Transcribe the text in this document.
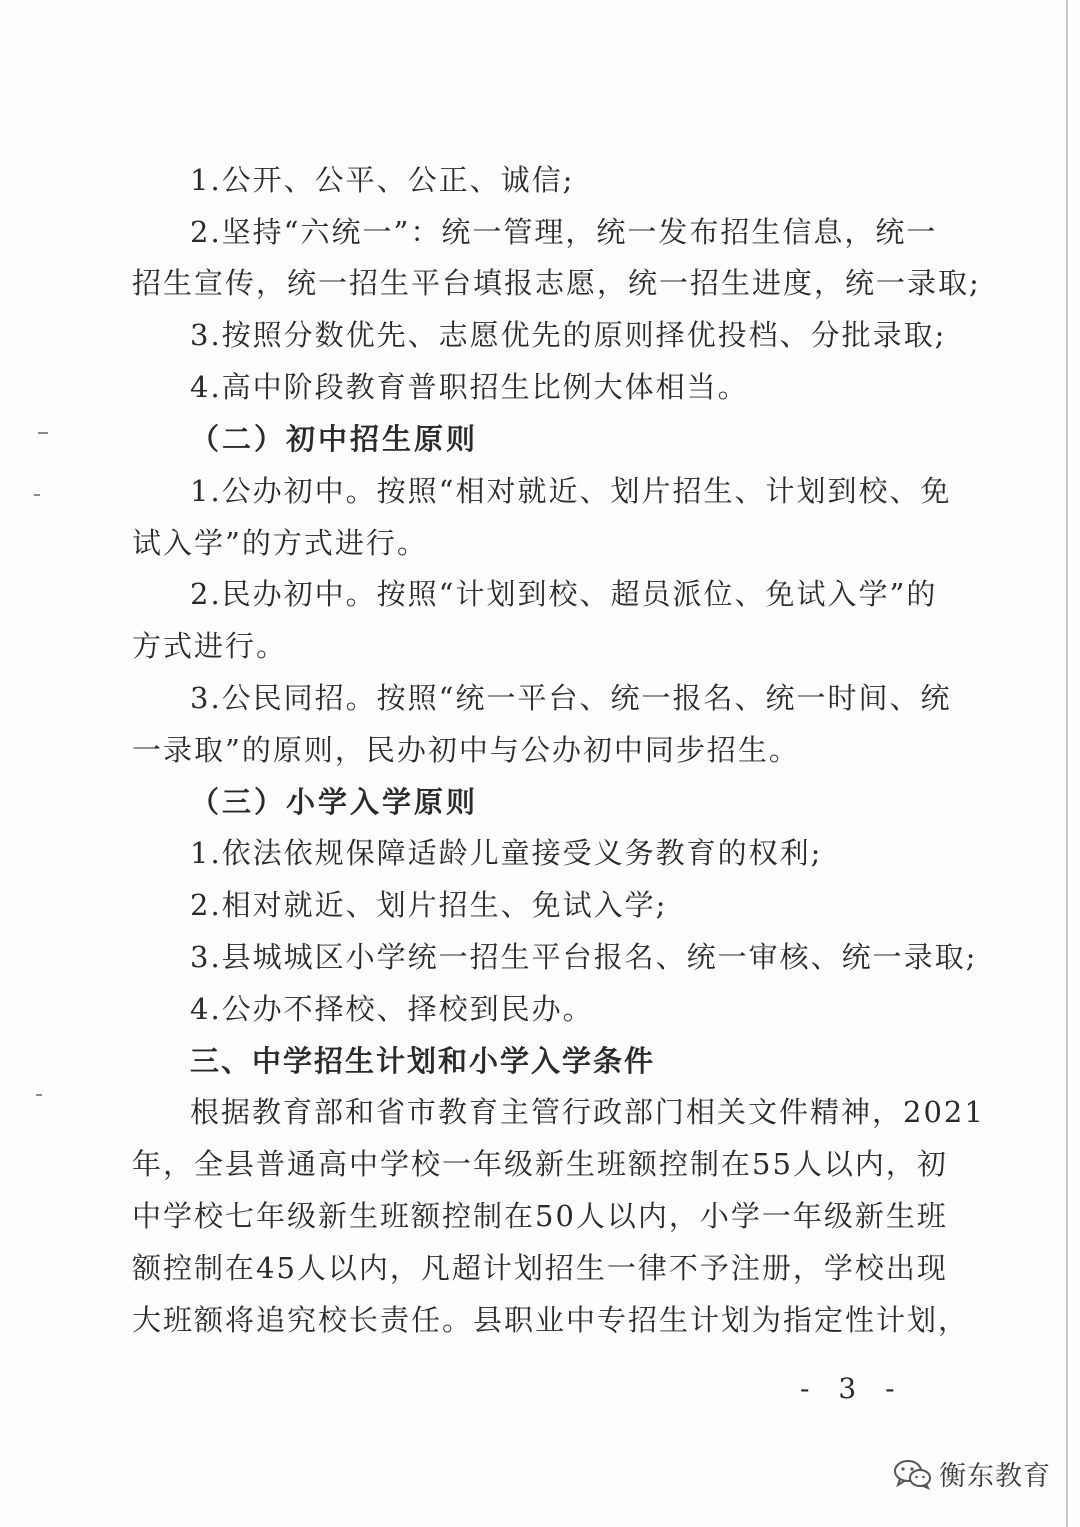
1.公开、公平、公正、诚信;
2.坚持“六统一”：统一管理，统一发布招生信息，统一
招生宣传，统一招生平台填报志愿，统一招生进度，统一录取;
3.按照分数优先、志愿优先的原则择优投档、分批录取;
4.高中阶段教育普职招生比例大体相当。
（二）初中招生原则
1.公办初中。按照“相对就近、划片招生、计划到校、免
试入学”的方式进行。
2.民办初中。按照“计划到校、超员派位、免试入学”的
方式进行。
3.公民同招。按照“统一平台、统一报名、统一时间、统
一录取”的原则，民办初中与公办初中同步招生。
（三）小学入学原则
1.依法依规保障适龄儿童接受义务教育的权利;
2.相对就近、划片招生、免试入学;
3.县城城区小学统一招生平台报名、统一审核、统一录取;
4.公办不择校、择校到民办。
三、中学招生计划和小学入学条件
根据教育部和省市教育主管行政部门相关文件精神，2021
年，全县普通高中学校一年级新生班额控制在55人以内，初
中学校七年级新生班额控制在50人以内，小学一年级新生班
额控制在45人以内，凡超计划招生一律不予注册，学校出现
大班额将追究校长责任。县职业中专招生计划为指定性计划，
- 3 -
衡东教育
